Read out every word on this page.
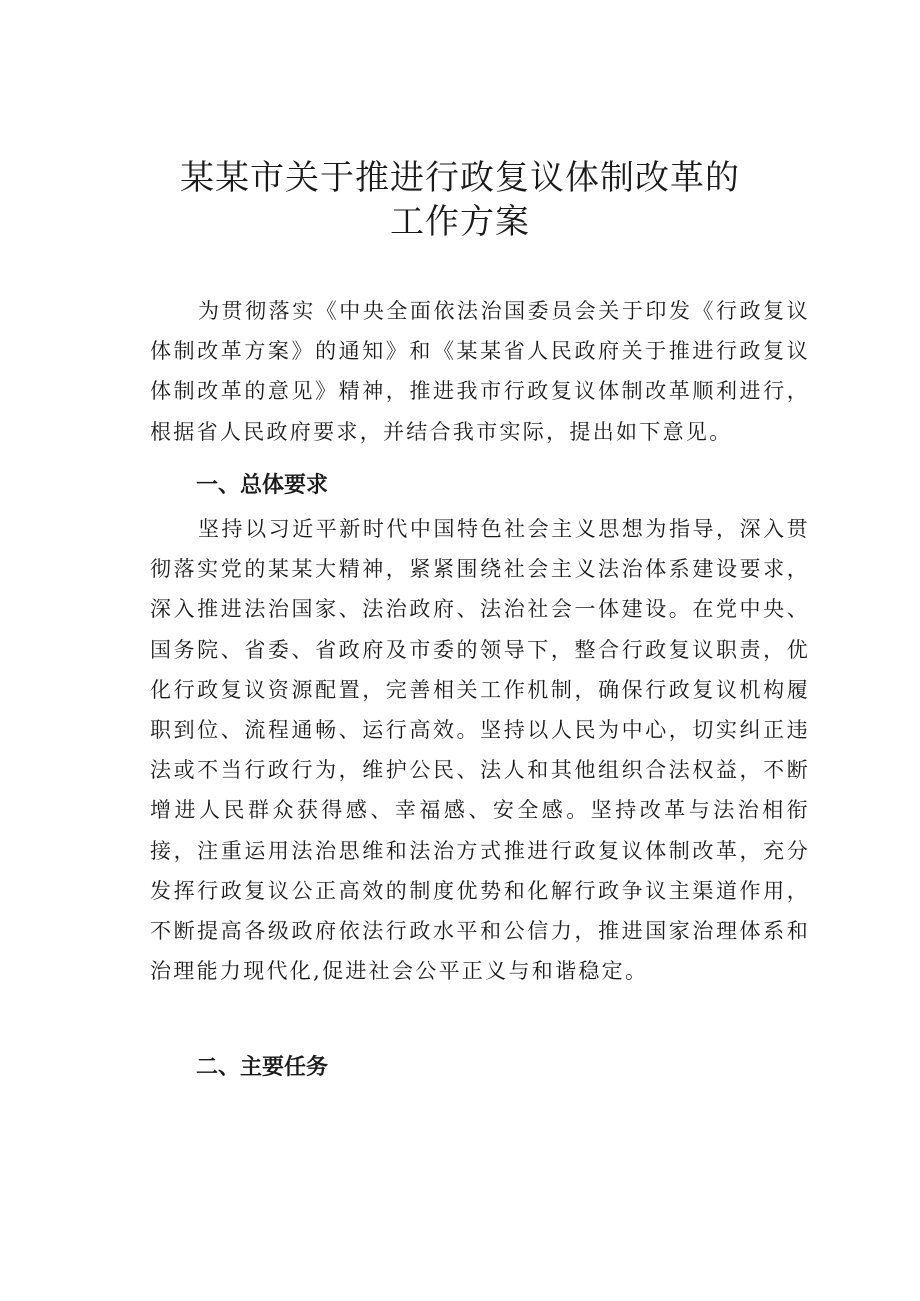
某某市关于推进行政复议体制改革的
工作方案

为贯彻落实《中央全面依法治国委员会关于印发《行政复议体制改革方案》的通知》和《某某省人民政府关于推进行政复议体制改革的意见》精神，推进我市行政复议体制改革顺利进行，根据省人民政府要求，并结合我市实际，提出如下意见。

一、总体要求

坚持以习近平新时代中国特色社会主义思想为指导，深入贯彻落实党的某某大精神，紧紧围绕社会主义法治体系建设要求，深入推进法治国家、法治政府、法治社会一体建设。在党中央、国务院、省委、省政府及市委的领导下，整合行政复议职责，优化行政复议资源配置，完善相关工作机制，确保行政复议机构履职到位、流程通畅、运行高效。坚持以人民为中心，切实纠正违法或不当行政行为，维护公民、法人和其他组织合法权益，不断增进人民群众获得感、幸福感、安全感。坚持改革与法治相衔接，注重运用法治思维和法治方式推进行政复议体制改革，充分发挥行政复议公正高效的制度优势和化解行政争议主渠道作用，不断提高各级政府依法行政水平和公信力，推进国家治理体系和治理能力现代化,促进社会公平正义与和谐稳定。

二、主要任务
